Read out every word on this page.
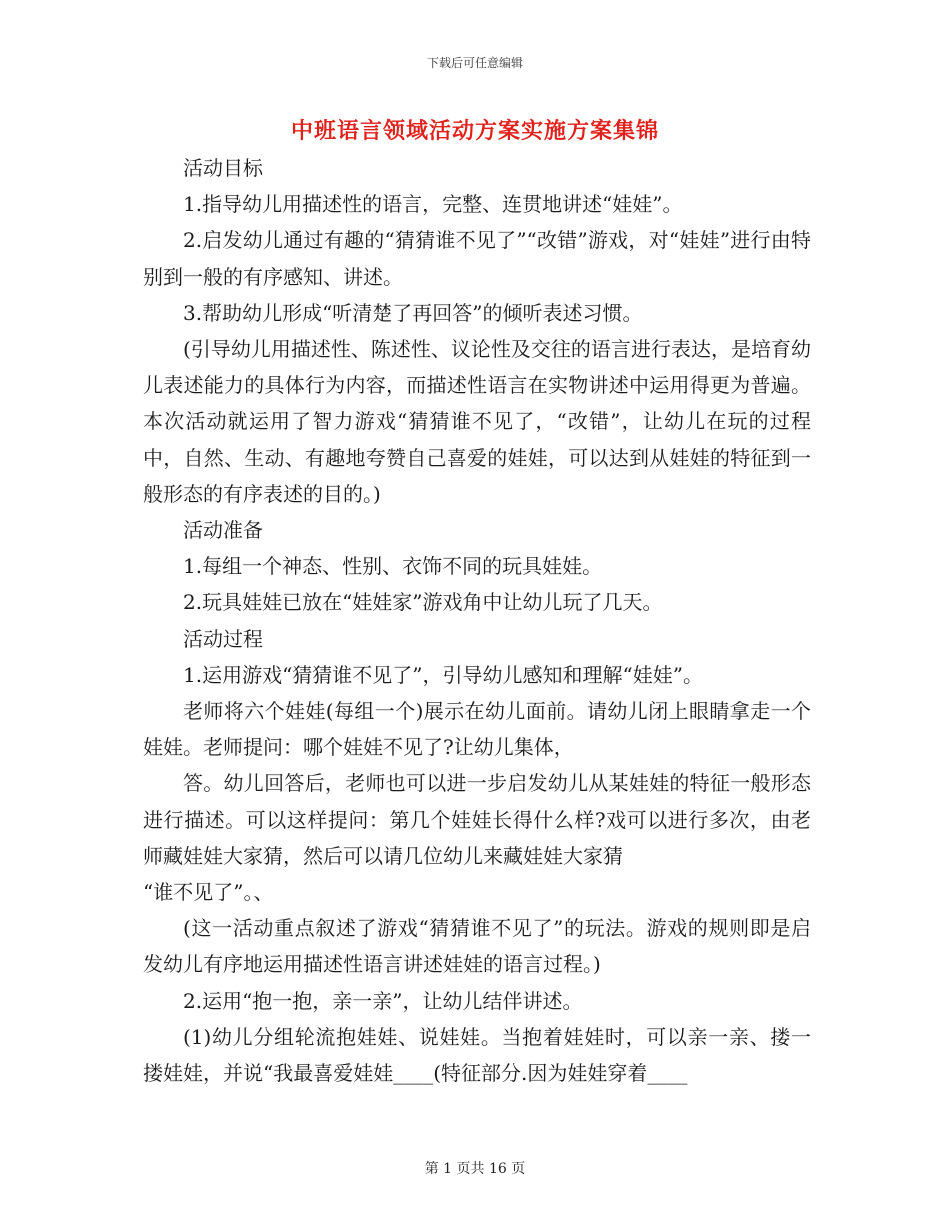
下载后可任意编辑
中班语言领域活动方案实施方案集锦

活动目标

1.指导幼儿用描述性的语言，完整、连贯地讲述“娃娃”。

2.启发幼儿通过有趣的“猜猜谁不见了”“改错”游戏，对“娃娃”进行由特别到一般的有序感知、讲述。

3.帮助幼儿形成“听清楚了再回答”的倾听表述习惯。

(引导幼儿用描述性、陈述性、议论性及交往的语言进行表达，是培育幼儿表述能力的具体行为内容，而描述性语言在实物讲述中运用得更为普遍。本次活动就运用了智力游戏“猜猜谁不见了，“改错”，让幼儿在玩的过程中，自然、生动、有趣地夸赞自己喜爱的娃娃，可以达到从娃娃的特征到一般形态的有序表述的目的。)

活动准备

1.每组一个神态、性别、衣饰不同的玩具娃娃。

2.玩具娃娃已放在“娃娃家”游戏角中让幼儿玩了几天。

活动过程

1.运用游戏“猜猜谁不见了”，引导幼儿感知和理解“娃娃”。

老师将六个娃娃(每组一个)展示在幼儿面前。请幼儿闭上眼睛拿走一个娃娃。老师提问：哪个娃娃不见了?让幼儿集体，

答。幼儿回答后，老师也可以进一步启发幼儿从某娃娃的特征一般形态进行描述。可以这样提问：第几个娃娃长得什么样?戏可以进行多次，由老师藏娃娃大家猜，然后可以请几位幼儿来藏娃娃大家猜

“谁不见了”。、

(这一活动重点叙述了游戏“猜猜谁不见了”的玩法。游戏的规则即是启发幼儿有序地运用描述性语言讲述娃娃的语言过程。)

2.运用“抱一抱，亲一亲”，让幼儿结伴讲述。

(1)幼儿分组轮流抱娃娃、说娃娃。当抱着娃娃时，可以亲一亲、搂一搂娃娃，并说“我最喜爱娃娃____(特征部分.因为娃娃穿着____

第 1 页共 16 页
